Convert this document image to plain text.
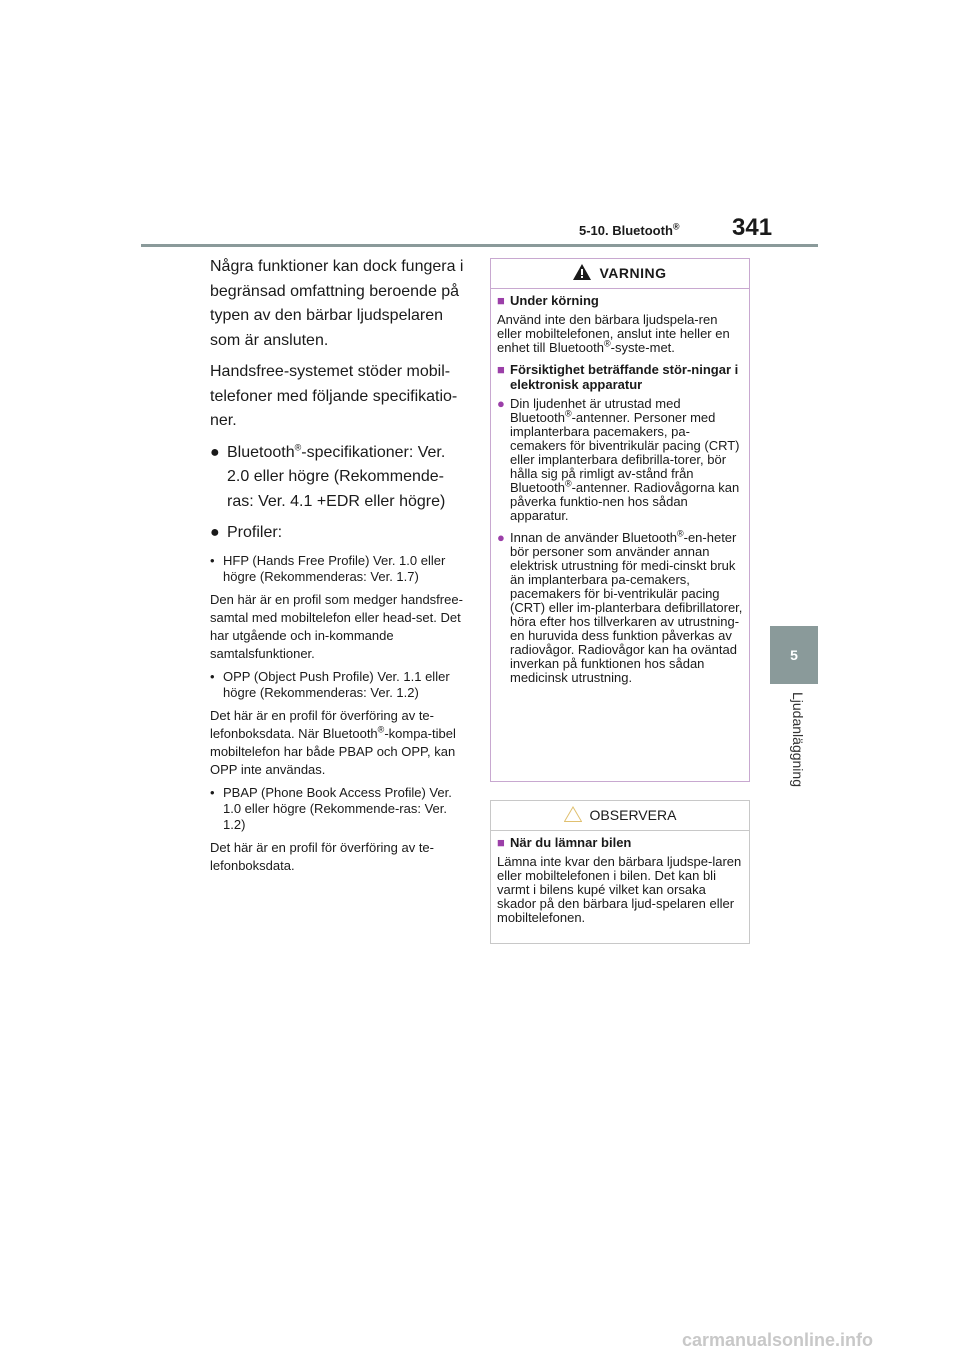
5-10. Bluetooth® 341
5
Ljudanläggning

Några funktioner kan dock fungera i begränsad omfattning beroende på typen av den bärbar ljudspelaren som är ansluten.

Handsfree-systemet stöder mobil-telefoner med följande specifikatio-ner.

● Bluetooth®-specifikationer: Ver. 2.0 eller högre (Rekommende-ras: Ver. 4.1 +EDR eller högre)
● Profiler:
• HFP (Hands Free Profile) Ver. 1.0 eller högre (Rekommenderas: Ver. 1.7)

Den här är en profil som medger handsfree-samtal med mobiltelefon eller head-set. Det har utgående och in-kommande samtalsfunktioner.

• OPP (Object Push Profile) Ver. 1.1 eller högre (Rekommenderas: Ver. 1.2)

Det här är en profil för överföring av te-lefonboksdata. När Bluetooth®-kompa-tibel mobiltelefon har både PBAP och OPP, kan OPP inte användas.

• PBAP (Phone Book Access Profile) Ver. 1.0 eller högre (Rekommende-ras: Ver. 1.2)

Det här är en profil för överföring av te-lefonboksdata.

VARNING
■ Under körning

Använd inte den bärbara ljudspela-ren eller mobiltelefonen, anslut inte heller en enhet till Bluetooth®-syste-met.

■ Försiktighet beträffande stör-ningar i elektronisk apparatur
● Din ljudenhet är utrustad med Bluetooth®-antenner. Personer med implanterbara pacemakers, pa-cemakers för biventrikulär pacing (CRT) eller implanterbara defibrilla-torer, bör hålla sig på rimligt av-stånd från Bluetooth®-antenner. Radiovågorna kan påverka funktio-nen hos sådan apparatur.
● Innan de använder Bluetooth®-en-heter bör personer som använder annan elektrisk utrustning för medi-cinskt bruk än implanterbara pa-cemakers, pacemakers för bi-ventrikulär pacing (CRT) eller im-planterbara defibrillatorer, höra efter hos tillverkaren av utrustning-en huruvida dess funktion påverkas av radiovågor. Radiovågor kan ha oväntad inverkan på funktionen hos sådan medicinsk utrustning.
OBSERVERA
■ När du lämnar bilen

Lämna inte kvar den bärbara ljudspe-laren eller mobiltelefonen i bilen. Det kan bli varmt i bilens kupé vilket kan orsaka skador på den bärbara ljud-spelaren eller mobiltelefonen.

carmanualsonline.info
